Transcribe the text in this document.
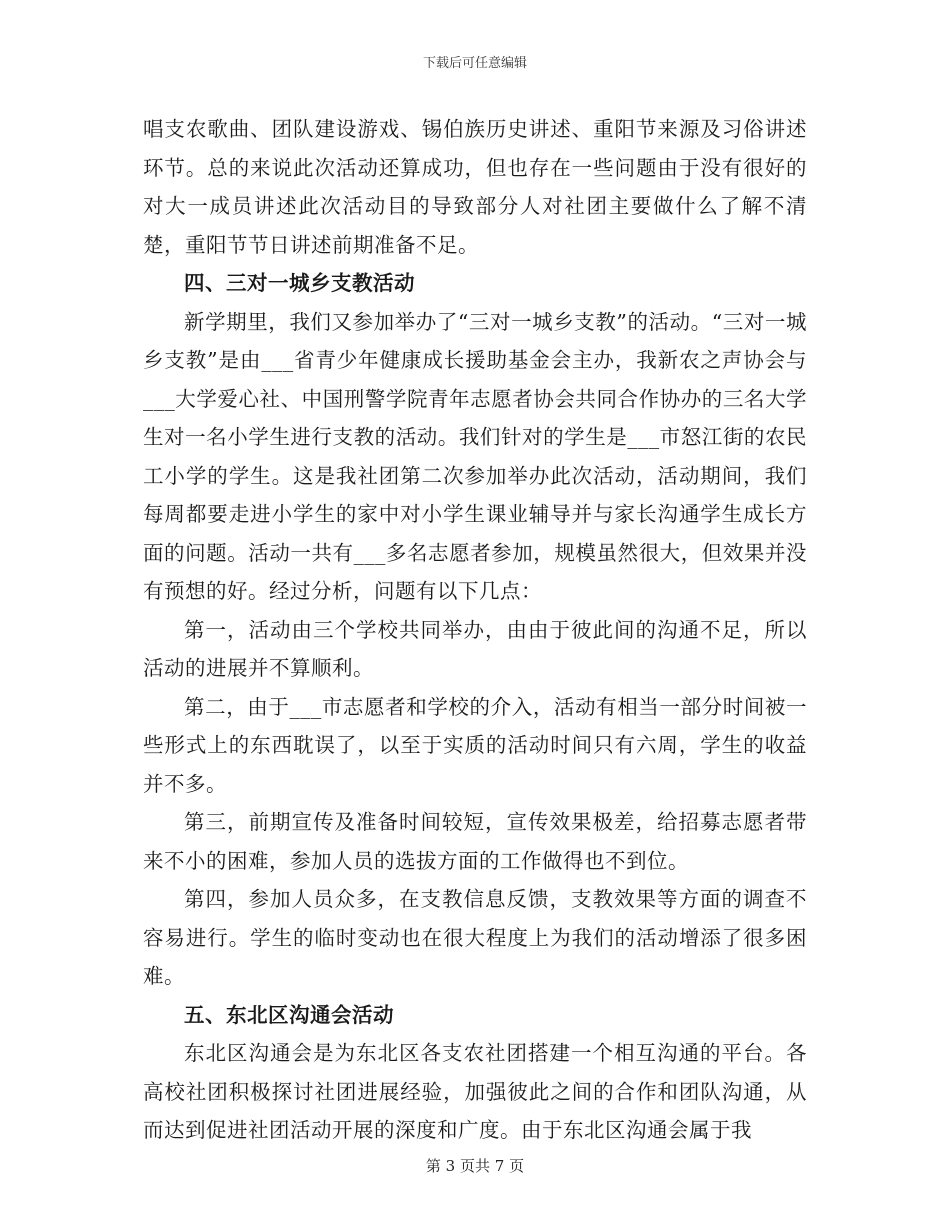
下载后可任意编辑

唱支农歌曲、团队建设游戏、锡伯族历史讲述、重阳节来源及习俗讲述环节。总的来说此次活动还算成功，但也存在一些问题由于没有很好的对大一成员讲述此次活动目的导致部分人对社团主要做什么了解不清楚，重阳节节日讲述前期准备不足。

四、三对一城乡支教活动

新学期里，我们又参加举办了“三对一城乡支教”的活动。“三对一城乡支教”是由___省青少年健康成长援助基金会主办，我新农之声协会与___大学爱心社、中国刑警学院青年志愿者协会共同合作协办的三名大学生对一名小学生进行支教的活动。我们针对的学生是___市怒江街的农民工小学的学生。这是我社团第二次参加举办此次活动，活动期间，我们每周都要走进小学生的家中对小学生课业辅导并与家长沟通学生成长方面的问题。活动一共有___多名志愿者参加，规模虽然很大，但效果并没有预想的好。经过分析，问题有以下几点：

第一，活动由三个学校共同举办，由由于彼此间的沟通不足，所以活动的进展并不算顺利。

第二，由于___市志愿者和学校的介入，活动有相当一部分时间被一些形式上的东西耽误了，以至于实质的活动时间只有六周，学生的收益并不多。

第三，前期宣传及准备时间较短，宣传效果极差，给招募志愿者带来不小的困难，参加人员的选拔方面的工作做得也不到位。

第四，参加人员众多，在支教信息反馈，支教效果等方面的调查不容易进行。学生的临时变动也在很大程度上为我们的活动增添了很多困难。

五、东北区沟通会活动

东北区沟通会是为东北区各支农社团搭建一个相互沟通的平台。各高校社团积极探讨社团进展经验，加强彼此之间的合作和团队沟通，从而达到促进社团活动开展的深度和广度。由于东北区沟通会属于我

第 3 页共 7 页
